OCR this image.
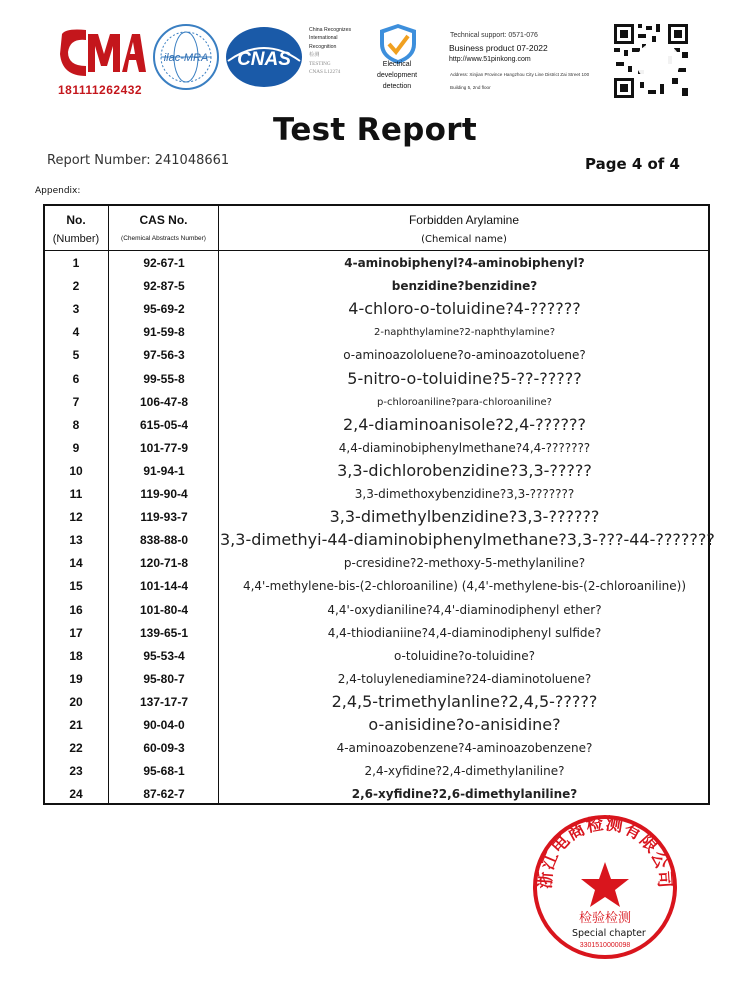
181111262432
ilac-MRA CNAS
China Recognizes
International
Recognition
检测
TESTING
CNAS L12274
Electrical
development
detection
Technical support: 0571-076
Business product 07-2022
http://www.51pinkong.com
Address: Xinjian Province Hangzhou City Line District Zai Street 100
Building 5, 2nd floor
Test Report
Report Number: 241048661	Page 4 of 4
Appendix:
No.
(Number)
CAS No.
(Chemical Abstracts Number)
Forbidden Arylamine
(Chemical name)
1	92-67-1	4-aminobiphenyl?4-aminobiphenyl?
2	92-87-5	benzidine?benzidine?
3	95-69-2	4-chloro-o-toluidine?4-??????
4	91-59-8	2-naphthylamine?2-naphthylamine?
5	97-56-3	o-aminoazololuene?o-aminoazotoluene?
6	99-55-8	5-nitro-o-toluidine?5-??-?????
7	106-47-8	p-chloroaniline?para-chloroaniline?
8	615-05-4	2,4-diaminoanisole?2,4-??????
9	101-77-9	4,4-diaminobiphenylmethane?4,4-???????
10	91-94-1	3,3-dichlorobenzidine?3,3-?????
11	119-90-4	3,3-dimethoxybenzidine?3,3-???????
12	119-93-7	3,3-dimethylbenzidine?3,3-??????
13	838-88-0	3,3-dimethyi-44-diaminobiphenylmethane?3,3-???-44-???????
14	120-71-8	p-cresidine?2-methoxy-5-methylaniline?
15	101-14-4	4,4'-methylene-bis-(2-chloroaniline) (4,4'-methylene-bis-(2-chloroaniline))
16	101-80-4	4,4'-oxydianiline?4,4'-diaminodiphenyl ether?
17	139-65-1	4,4-thiodianiine?4,4-diaminodiphenyl sulfide?
18	95-53-4	o-toluidine?o-toluidine?
19	95-80-7	2,4-toluylenediamine?24-diaminotoluene?
20	137-17-7	2,4,5-trimethylanline?2,4,5-?????
21	90-04-0	o-anisidine?o-anisidine?
22	60-09-3	4-aminoazobenzene?4-aminoazobenzene?
23	95-68-1	2,4-xyfidine?2,4-dimethylaniline?
24	87-62-7	2,6-xyfidine?2,6-dimethylaniline?
浙江电商检测有限公司
检验检测
3301510000098
Special chapter
